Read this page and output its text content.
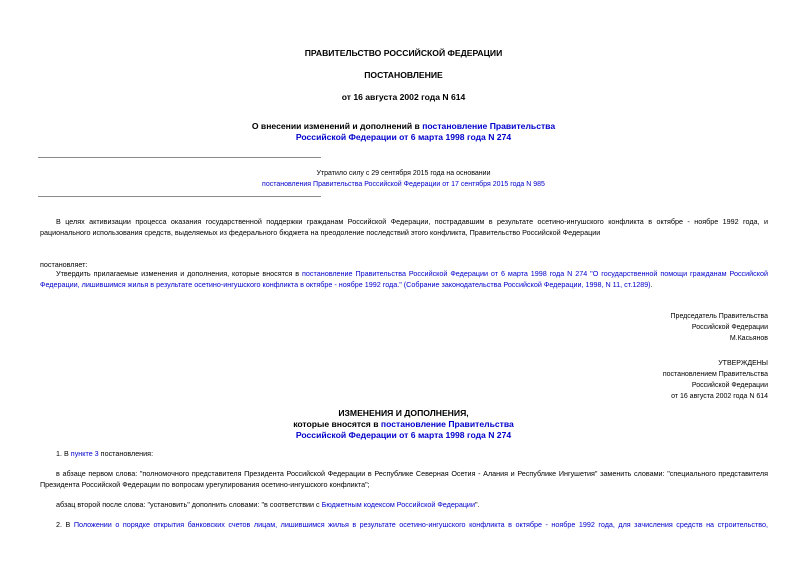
ПРАВИТЕЛЬСТВО РОССИЙСКОЙ ФЕДЕРАЦИИ
ПОСТАНОВЛЕНИЕ
от 16 августа 2002 года N 614
О внесении изменений и дополнений в постановление Правительства
Российской Федерации от 6 марта 1998 года N 274
Утратило силу с 29 сентября 2015 года на основании
постановления Правительства Российской Федерации от 17 сентября 2015 года N 985
В целях активизации процесса оказания государственной поддержки гражданам Российской Федерации, пострадавшим в результате осетино-ингушского конфликта в октябре - ноябре 1992 года, и рационального использования средств, выделяемых из федерального бюджета на преодоление последствий этого конфликта, Правительство Российской Федерации
постановляет:
Утвердить прилагаемые изменения и дополнения, которые вносятся в постановление Правительства Российской Федерации от 6 марта 1998 года N 274 "О государственной помощи гражданам Российской Федерации, лишившимся жилья в результате осетино-ингушского конфликта в октябре - ноябре 1992 года." (Собрание законодательства Российской Федерации, 1998, N 11, ст.1289).
Председатель Правительства
Российской Федерации
М.Касьянов
УТВЕРЖДЕНЫ
постановлением Правительства
Российской Федерации
от 16 августа 2002 года N 614
ИЗМЕНЕНИЯ И ДОПОЛНЕНИЯ,
которые вносятся в постановление Правительства
Российской Федерации от 6 марта 1998 года N 274
1. В пункте 3 постановления:
в абзаце первом слова: "полномочного представителя Президента Российской Федерации в Республике Северная Осетия - Алания и Республике Ингушетия" заменить словами: "специального представителя Президента Российской Федерации по вопросам урегулирования осетино-ингушского конфликта";
абзац второй после слова: "установить" дополнить словами: "в соответствии с Бюджетным кодексом Российской Федерации".
2. В Положении о порядке открытия банковских счетов лицам, лишившимся жилья в результате осетино-ингушского конфликта в октябре - ноябре 1992 года, для зачисления средств на строительство,
